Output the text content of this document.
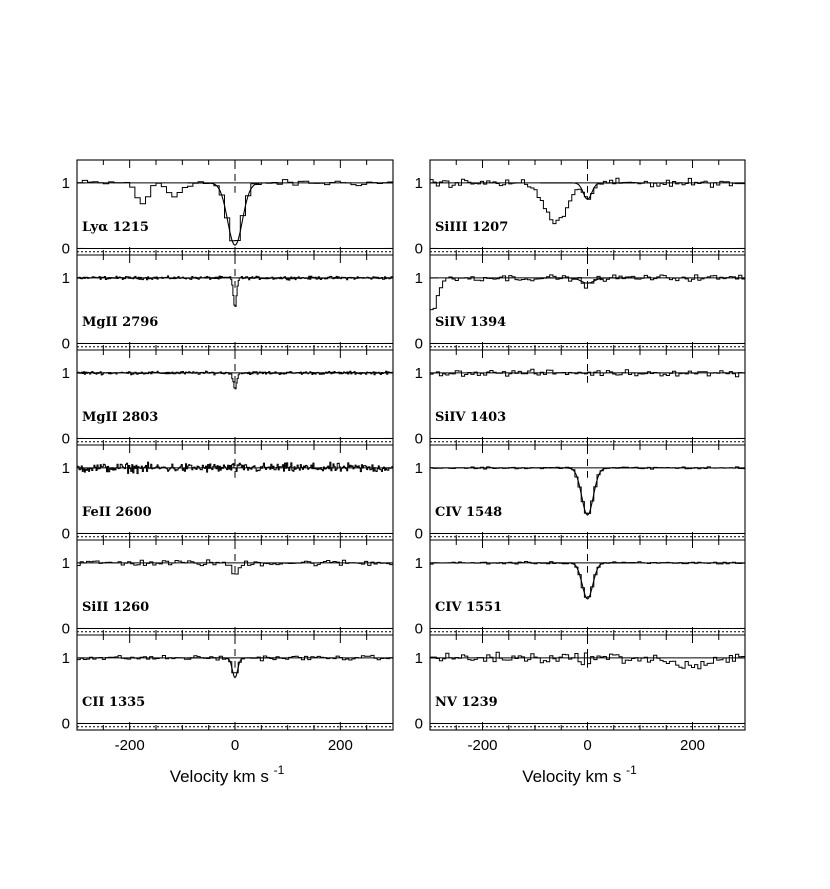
0
1
Lyα 1215
0
1
MgII 2796
0
1
MgII 2803
0
1
FeII 2600
0
1
SiII 1260
0
1
CII 1335
-200	0	200
Velocity km s $^{-1}$
0
1
SiIII 1207
0
1
SiIV 1394
0
1
SiIV 1403
0
1
CIV 1548
0
1
CIV 1551
0
1
NV 1239
-200	0	200
Velocity km s $^{-1}$
